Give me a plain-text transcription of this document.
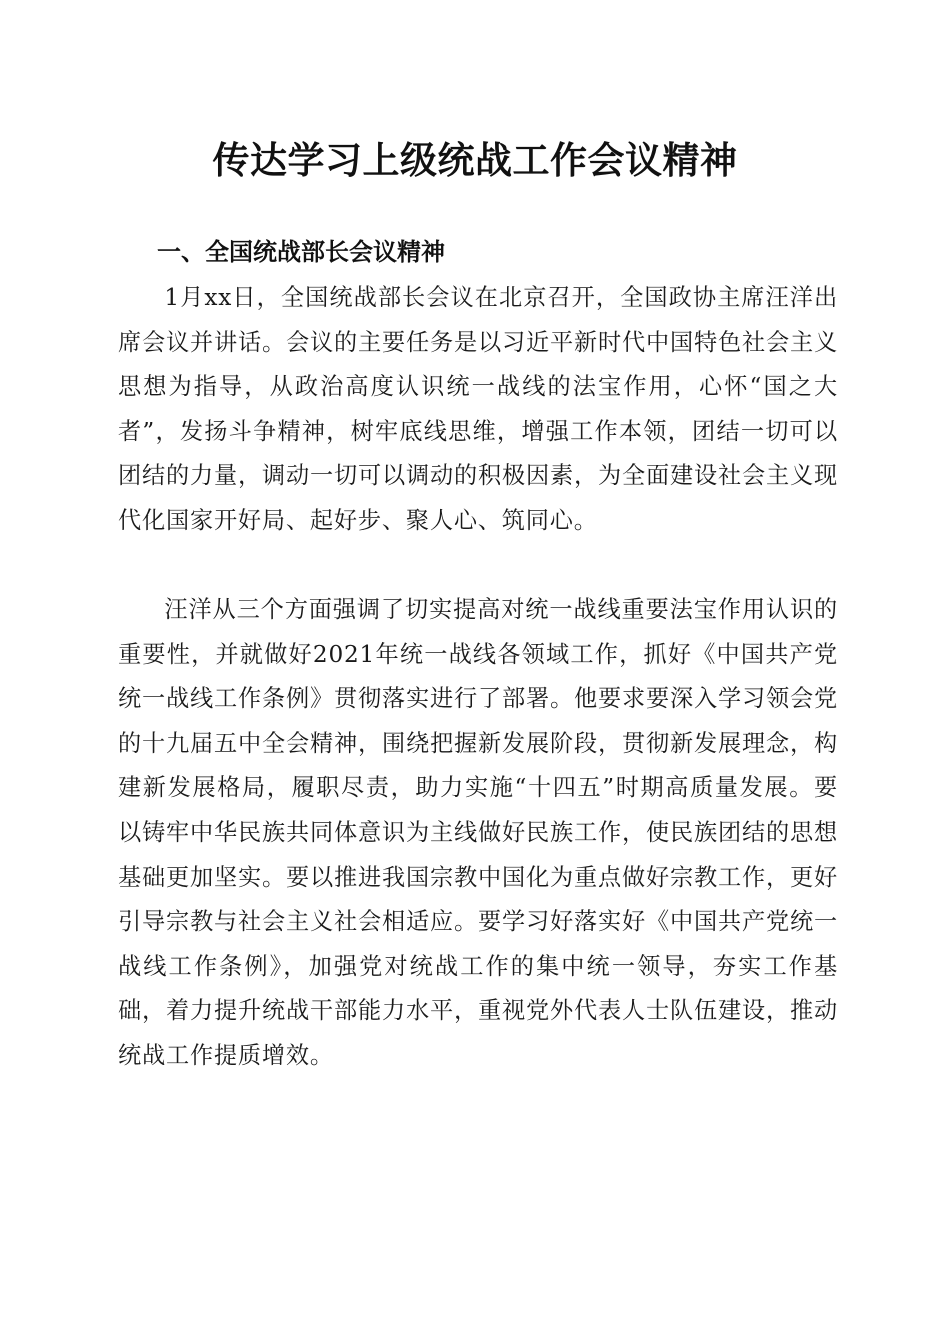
传达学习上级统战工作会议精神
一、全国统战部长会议精神

1月xx日，全国统战部长会议在北京召开，全国政协主席汪洋出席会议并讲话。会议的主要任务是以习近平新时代中国特色社会主义思想为指导，从政治高度认识统一战线的法宝作用，心怀“国之大者”，发扬斗争精神，树牢底线思维，增强工作本领，团结一切可以团结的力量，调动一切可以调动的积极因素，为全面建设社会主义现代化国家开好局、起好步、聚人心、筑同心。

汪洋从三个方面强调了切实提高对统一战线重要法宝作用认识的重要性，并就做好2021年统一战线各领域工作，抓好《中国共产党统一战线工作条例》贯彻落实进行了部署。他要求要深入学习领会党的十九届五中全会精神，围绕把握新发展阶段，贯彻新发展理念，构建新发展格局，履职尽责，助力实施“十四五”时期高质量发展。要以铸牢中华民族共同体意识为主线做好民族工作，使民族团结的思想基础更加坚实。要以推进我国宗教中国化为重点做好宗教工作，更好引导宗教与社会主义社会相适应。要学习好落实好《中国共产党统一战线工作条例》，加强党对统战工作的集中统一领导，夯实工作基础，着力提升统战干部能力水平，重视党外代表人士队伍建设，推动统战工作提质增效。
